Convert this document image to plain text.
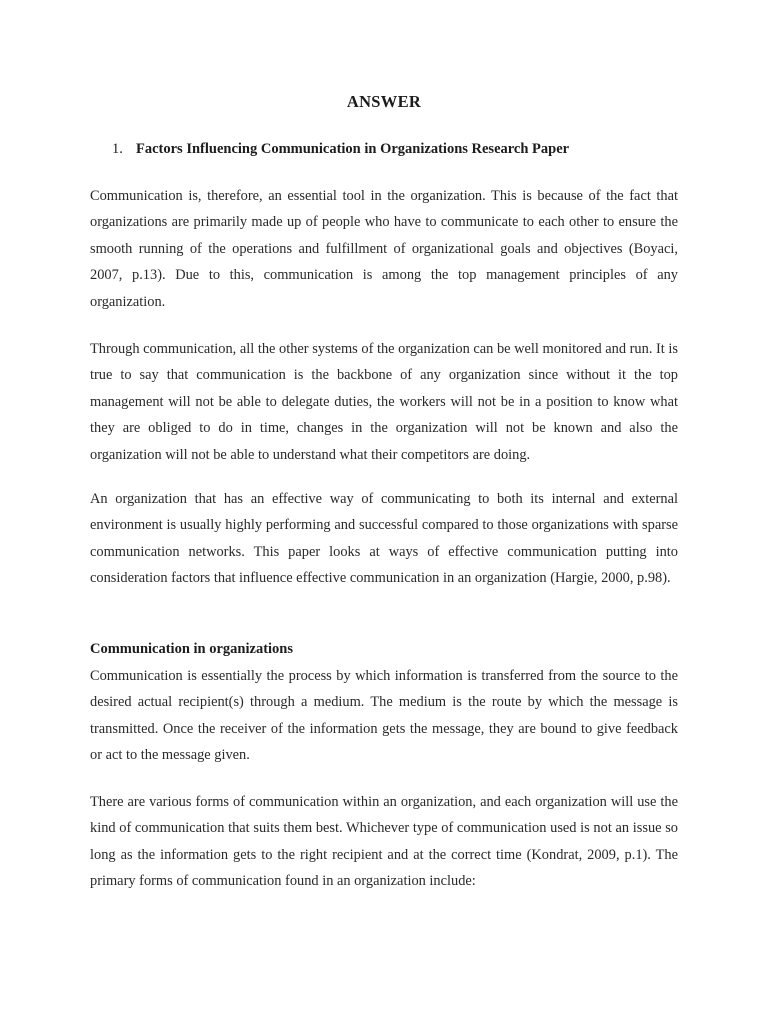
ANSWER
1. Factors Influencing Communication in Organizations Research Paper

Communication is, therefore, an essential tool in the organization. This is because of the fact that organizations are primarily made up of people who have to communicate to each other to ensure the smooth running of the operations and fulfillment of organizational goals and objectives (Boyaci, 2007, p.13). Due to this, communication is among the top management principles of any organization.

Through communication, all the other systems of the organization can be well monitored and run. It is true to say that communication is the backbone of any organization since without it the top management will not be able to delegate duties, the workers will not be in a position to know what they are obliged to do in time, changes in the organization will not be known and also the organization will not be able to understand what their competitors are doing.

An organization that has an effective way of communicating to both its internal and external environment is usually highly performing and successful compared to those organizations with sparse communication networks. This paper looks at ways of effective communication putting into consideration factors that influence effective communication in an organization (Hargie, 2000, p.98).

Communication in organizations

Communication is essentially the process by which information is transferred from the source to the desired actual recipient(s) through a medium. The medium is the route by which the message is transmitted. Once the receiver of the information gets the message, they are bound to give feedback or act to the message given.

There are various forms of communication within an organization, and each organization will use the kind of communication that suits them best. Whichever type of communication used is not an issue so long as the information gets to the right recipient and at the correct time (Kondrat, 2009, p.1). The primary forms of communication found in an organization include:
